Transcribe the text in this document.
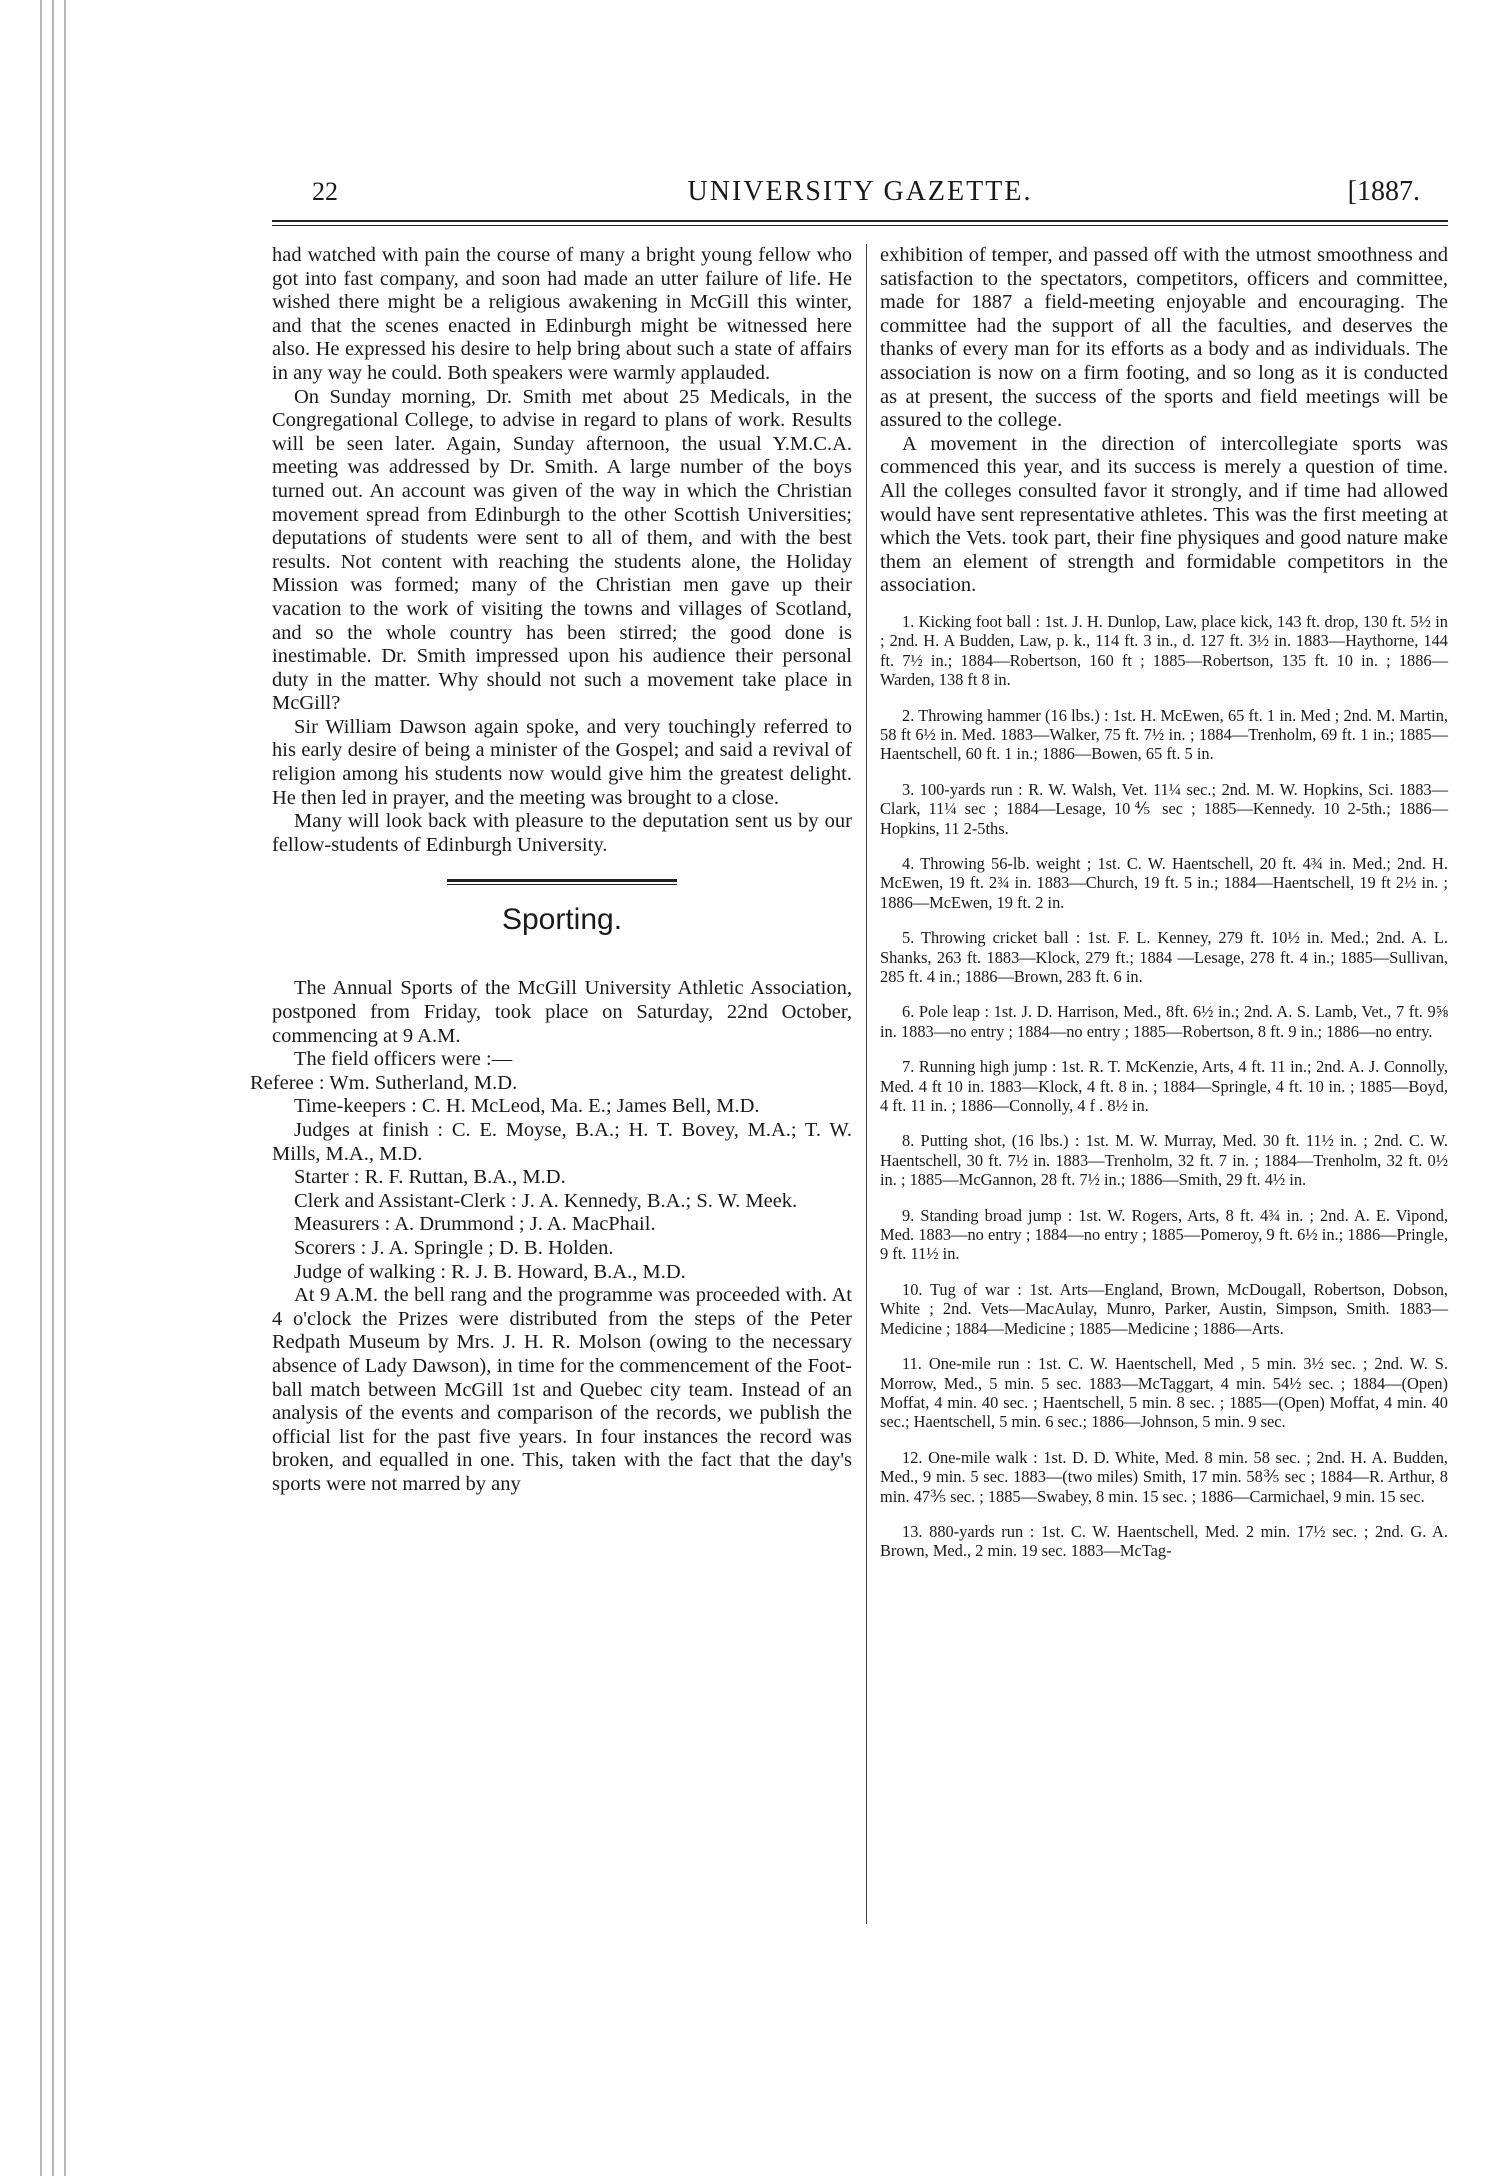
22	UNIVERSITY GAZETTE.	[1887.

had watched with pain the course of many a bright young fellow who got into fast company, and soon had made an utter failure of life. He wished there might be a religious awakening in McGill this winter, and that the scenes enacted in Edinburgh might be witnessed here also. He expressed his desire to help bring about such a state of affairs in any way he could. Both speakers were warmly applauded.

On Sunday morning, Dr. Smith met about 25 Medicals, in the Congregational College, to advise in regard to plans of work. Results will be seen later. Again, Sunday afternoon, the usual Y.M.C.A. meeting was addressed by Dr. Smith. A large number of the boys turned out. An account was given of the way in which the Christian movement spread from Edinburgh to the other Scottish Universities; deputations of students were sent to all of them, and with the best results. Not content with reaching the students alone, the Holiday Mission was formed; many of the Christian men gave up their vacation to the work of visiting the towns and villages of Scotland, and so the whole country has been stirred; the good done is inestimable. Dr. Smith impressed upon his audience their personal duty in the matter. Why should not such a movement take place in McGill?

Sir William Dawson again spoke, and very touchingly referred to his early desire of being a minister of the Gospel; and said a revival of religion among his students now would give him the greatest delight. He then led in prayer, and the meeting was brought to a close.

Many will look back with pleasure to the deputation sent us by our fellow-students of Edinburgh University.

Sporting.

The Annual Sports of the McGill University Athletic Association, postponed from Friday, took place on Saturday, 22nd October, commencing at 9 A.M.

The field officers were :—

Referee : Wm. Sutherland, M.D.

Time-keepers : C. H. McLeod, Ma. E.; James Bell, M.D.

Judges at finish : C. E. Moyse, B.A.; H. T. Bovey, M.A.; T. W. Mills, M.A., M.D.

Starter : R. F. Ruttan, B.A., M.D.

Clerk and Assistant-Clerk : J. A. Kennedy, B.A.; S. W. Meek.

Measurers : A. Drummond ; J. A. MacPhail.

Scorers : J. A. Springle ; D. B. Holden.

Judge of walking : R. J. B. Howard, B.A., M.D.

At 9 A.M. the bell rang and the programme was proceeded with. At 4 o'clock the Prizes were distributed from the steps of the Peter Redpath Museum by Mrs. J. H. R. Molson (owing to the necessary absence of Lady Dawson), in time for the commencement of the Foot-ball match between McGill 1st and Quebec city team. Instead of an analysis of the events and comparison of the records, we publish the official list for the past five years. In four instances the record was broken, and equalled in one. This, taken with the fact that the day's sports were not marred by any

exhibition of temper, and passed off with the utmost smoothness and satisfaction to the spectators, competitors, officers and committee, made for 1887 a field-meeting enjoyable and encouraging. The committee had the support of all the faculties, and deserves the thanks of every man for its efforts as a body and as individuals. The association is now on a firm footing, and so long as it is conducted as at present, the success of the sports and field meetings will be assured to the college.

A movement in the direction of intercollegiate sports was commenced this year, and its success is merely a question of time. All the colleges consulted favor it strongly, and if time had allowed would have sent representative athletes. This was the first meeting at which the Vets. took part, their fine physiques and good nature make them an element of strength and formidable competitors in the association.

1. Kicking foot ball : 1st. J. H. Dunlop, Law, place kick, 143 ft. drop, 130 ft. 5½ in ; 2nd. H. A Budden, Law, p. k., 114 ft. 3 in., d. 127 ft. 3½ in. 1883—Haythorne, 144 ft. 7½ in.; 1884—Robertson, 160 ft ; 1885—Robertson, 135 ft. 10 in. ; 1886—Warden, 138 ft 8 in.

2. Throwing hammer (16 lbs.) : 1st. H. McEwen, 65 ft. 1 in. Med ; 2nd. M. Martin, 58 ft 6½ in. Med. 1883—Walker, 75 ft. 7½ in. ; 1884—Trenholm, 69 ft. 1 in.; 1885—Haentschell, 60 ft. 1 in.; 1886—Bowen, 65 ft. 5 in.

3. 100-yards run : R. W. Walsh, Vet. 11¼ sec.; 2nd. M. W. Hopkins, Sci. 1883—Clark, 11¼ sec ; 1884—Lesage, 10⅘ sec ; 1885—Kennedy. 10 2-5th.; 1886—Hopkins, 11 2-5ths.

4. Throwing 56-lb. weight ; 1st. C. W. Haentschell, 20 ft. 4¾ in. Med.; 2nd. H. McEwen, 19 ft. 2¾ in. 1883—Church, 19 ft. 5 in.; 1884—Haentschell, 19 ft 2½ in. ; 1886—McEwen, 19 ft. 2 in.

5. Throwing cricket ball : 1st. F. L. Kenney, 279 ft. 10½ in. Med.; 2nd. A. L. Shanks, 263 ft. 1883—Klock, 279 ft.; 1884 —Lesage, 278 ft. 4 in.; 1885—Sullivan, 285 ft. 4 in.; 1886—Brown, 283 ft. 6 in.

6. Pole leap : 1st. J. D. Harrison, Med., 8ft. 6½ in.; 2nd. A. S. Lamb, Vet., 7 ft. 9⅝ in. 1883—no entry ; 1884—no entry ; 1885—Robertson, 8 ft. 9 in.; 1886—no entry.

7. Running high jump : 1st. R. T. McKenzie, Arts, 4 ft. 11 in.; 2nd. A. J. Connolly, Med. 4 ft 10 in. 1883—Klock, 4 ft. 8 in. ; 1884—Springle, 4 ft. 10 in. ; 1885—Boyd, 4 ft. 11 in. ; 1886—Connolly, 4 f . 8½ in.

8. Putting shot, (16 lbs.) : 1st. M. W. Murray, Med. 30 ft. 11½ in. ; 2nd. C. W. Haentschell, 30 ft. 7½ in. 1883—Trenholm, 32 ft. 7 in. ; 1884—Trenholm, 32 ft. 0½ in. ; 1885—McGannon, 28 ft. 7½ in.; 1886—Smith, 29 ft. 4½ in.

9. Standing broad jump : 1st. W. Rogers, Arts, 8 ft. 4¾ in. ; 2nd. A. E. Vipond, Med. 1883—no entry ; 1884—no entry ; 1885—Pomeroy, 9 ft. 6½ in.; 1886—Pringle, 9 ft. 11½ in.

10. Tug of war : 1st. Arts—England, Brown, McDougall, Robertson, Dobson, White ; 2nd. Vets—MacAulay, Munro, Parker, Austin, Simpson, Smith. 1883—Medicine ; 1884—Medicine ; 1885—Medicine ; 1886—Arts.

11. One-mile run : 1st. C. W. Haentschell, Med , 5 min. 3½ sec. ; 2nd. W. S. Morrow, Med., 5 min. 5 sec. 1883—McTaggart, 4 min. 54½ sec. ; 1884—(Open) Moffat, 4 min. 40 sec. ; Haentschell, 5 min. 8 sec. ; 1885—(Open) Moffat, 4 min. 40 sec.; Haentschell, 5 min. 6 sec.; 1886—Johnson, 5 min. 9 sec.

12. One-mile walk : 1st. D. D. White, Med. 8 min. 58 sec. ; 2nd. H. A. Budden, Med., 9 min. 5 sec. 1883—(two miles) Smith, 17 min. 58⅗ sec ; 1884—R. Arthur, 8 min. 47⅗ sec. ; 1885—Swabey, 8 min. 15 sec. ; 1886—Carmichael, 9 min. 15 sec.

13. 880-yards run : 1st. C. W. Haentschell, Med. 2 min. 17½ sec. ; 2nd. G. A. Brown, Med., 2 min. 19 sec. 1883—McTag-
